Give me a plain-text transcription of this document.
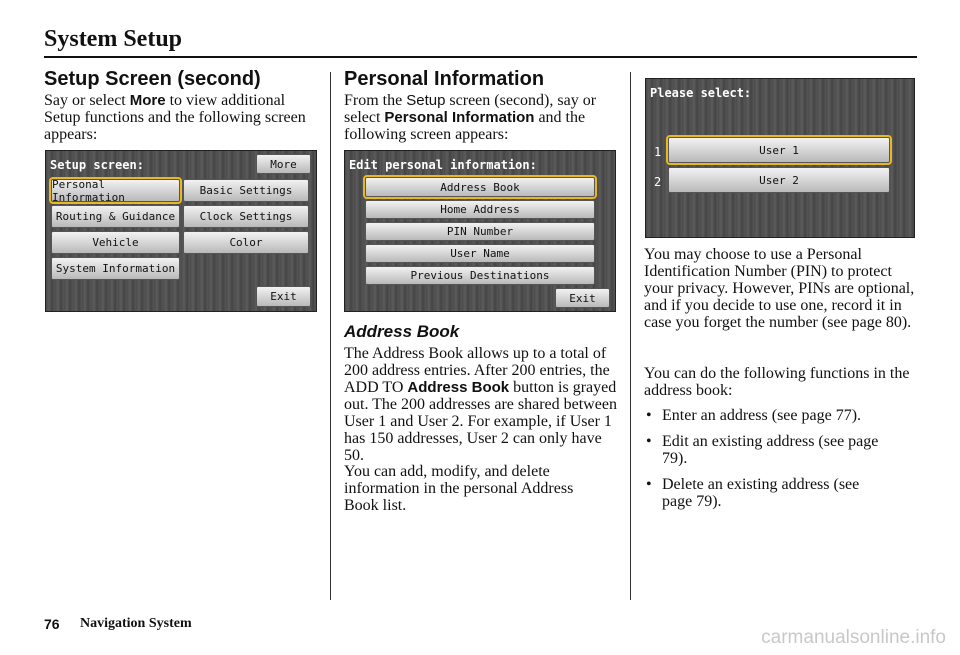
System Setup
Setup Screen (second)
Say or select More to view additional Setup functions and the following screen appears:
Setup screen:	More
Personal Information	Basic Settings
Routing & Guidance	Clock Settings
Vehicle	Color
System Information
Exit
Personal Information
From the Setup screen (second), say or select Personal Information and the following screen appears:
Edit personal information:
Address Book
Home Address
PIN Number
User Name
Previous Destinations
Exit
Address Book
The Address Book allows up to a total of 200 address entries. After 200 entries, the ADD TO Address Book button is grayed out. The 200 addresses are shared between User 1 and User 2. For example, if User 1 has 150 addresses, User 2 can only have 50.
You can add, modify, and delete information in the personal Address Book list.
Please select:
1
2
User 1
User 2
You may choose to use a Personal Identification Number (PIN) to protect your privacy. However, PINs are optional, and if you decide to use one, record it in case you forget the number (see page 80).
You can do the following functions in the address book:
• Enter an address (see page 77).
• Edit an existing address (see page 79).
• Delete an existing address (see page 79).
76 Navigation System
carmanualsonline.info
